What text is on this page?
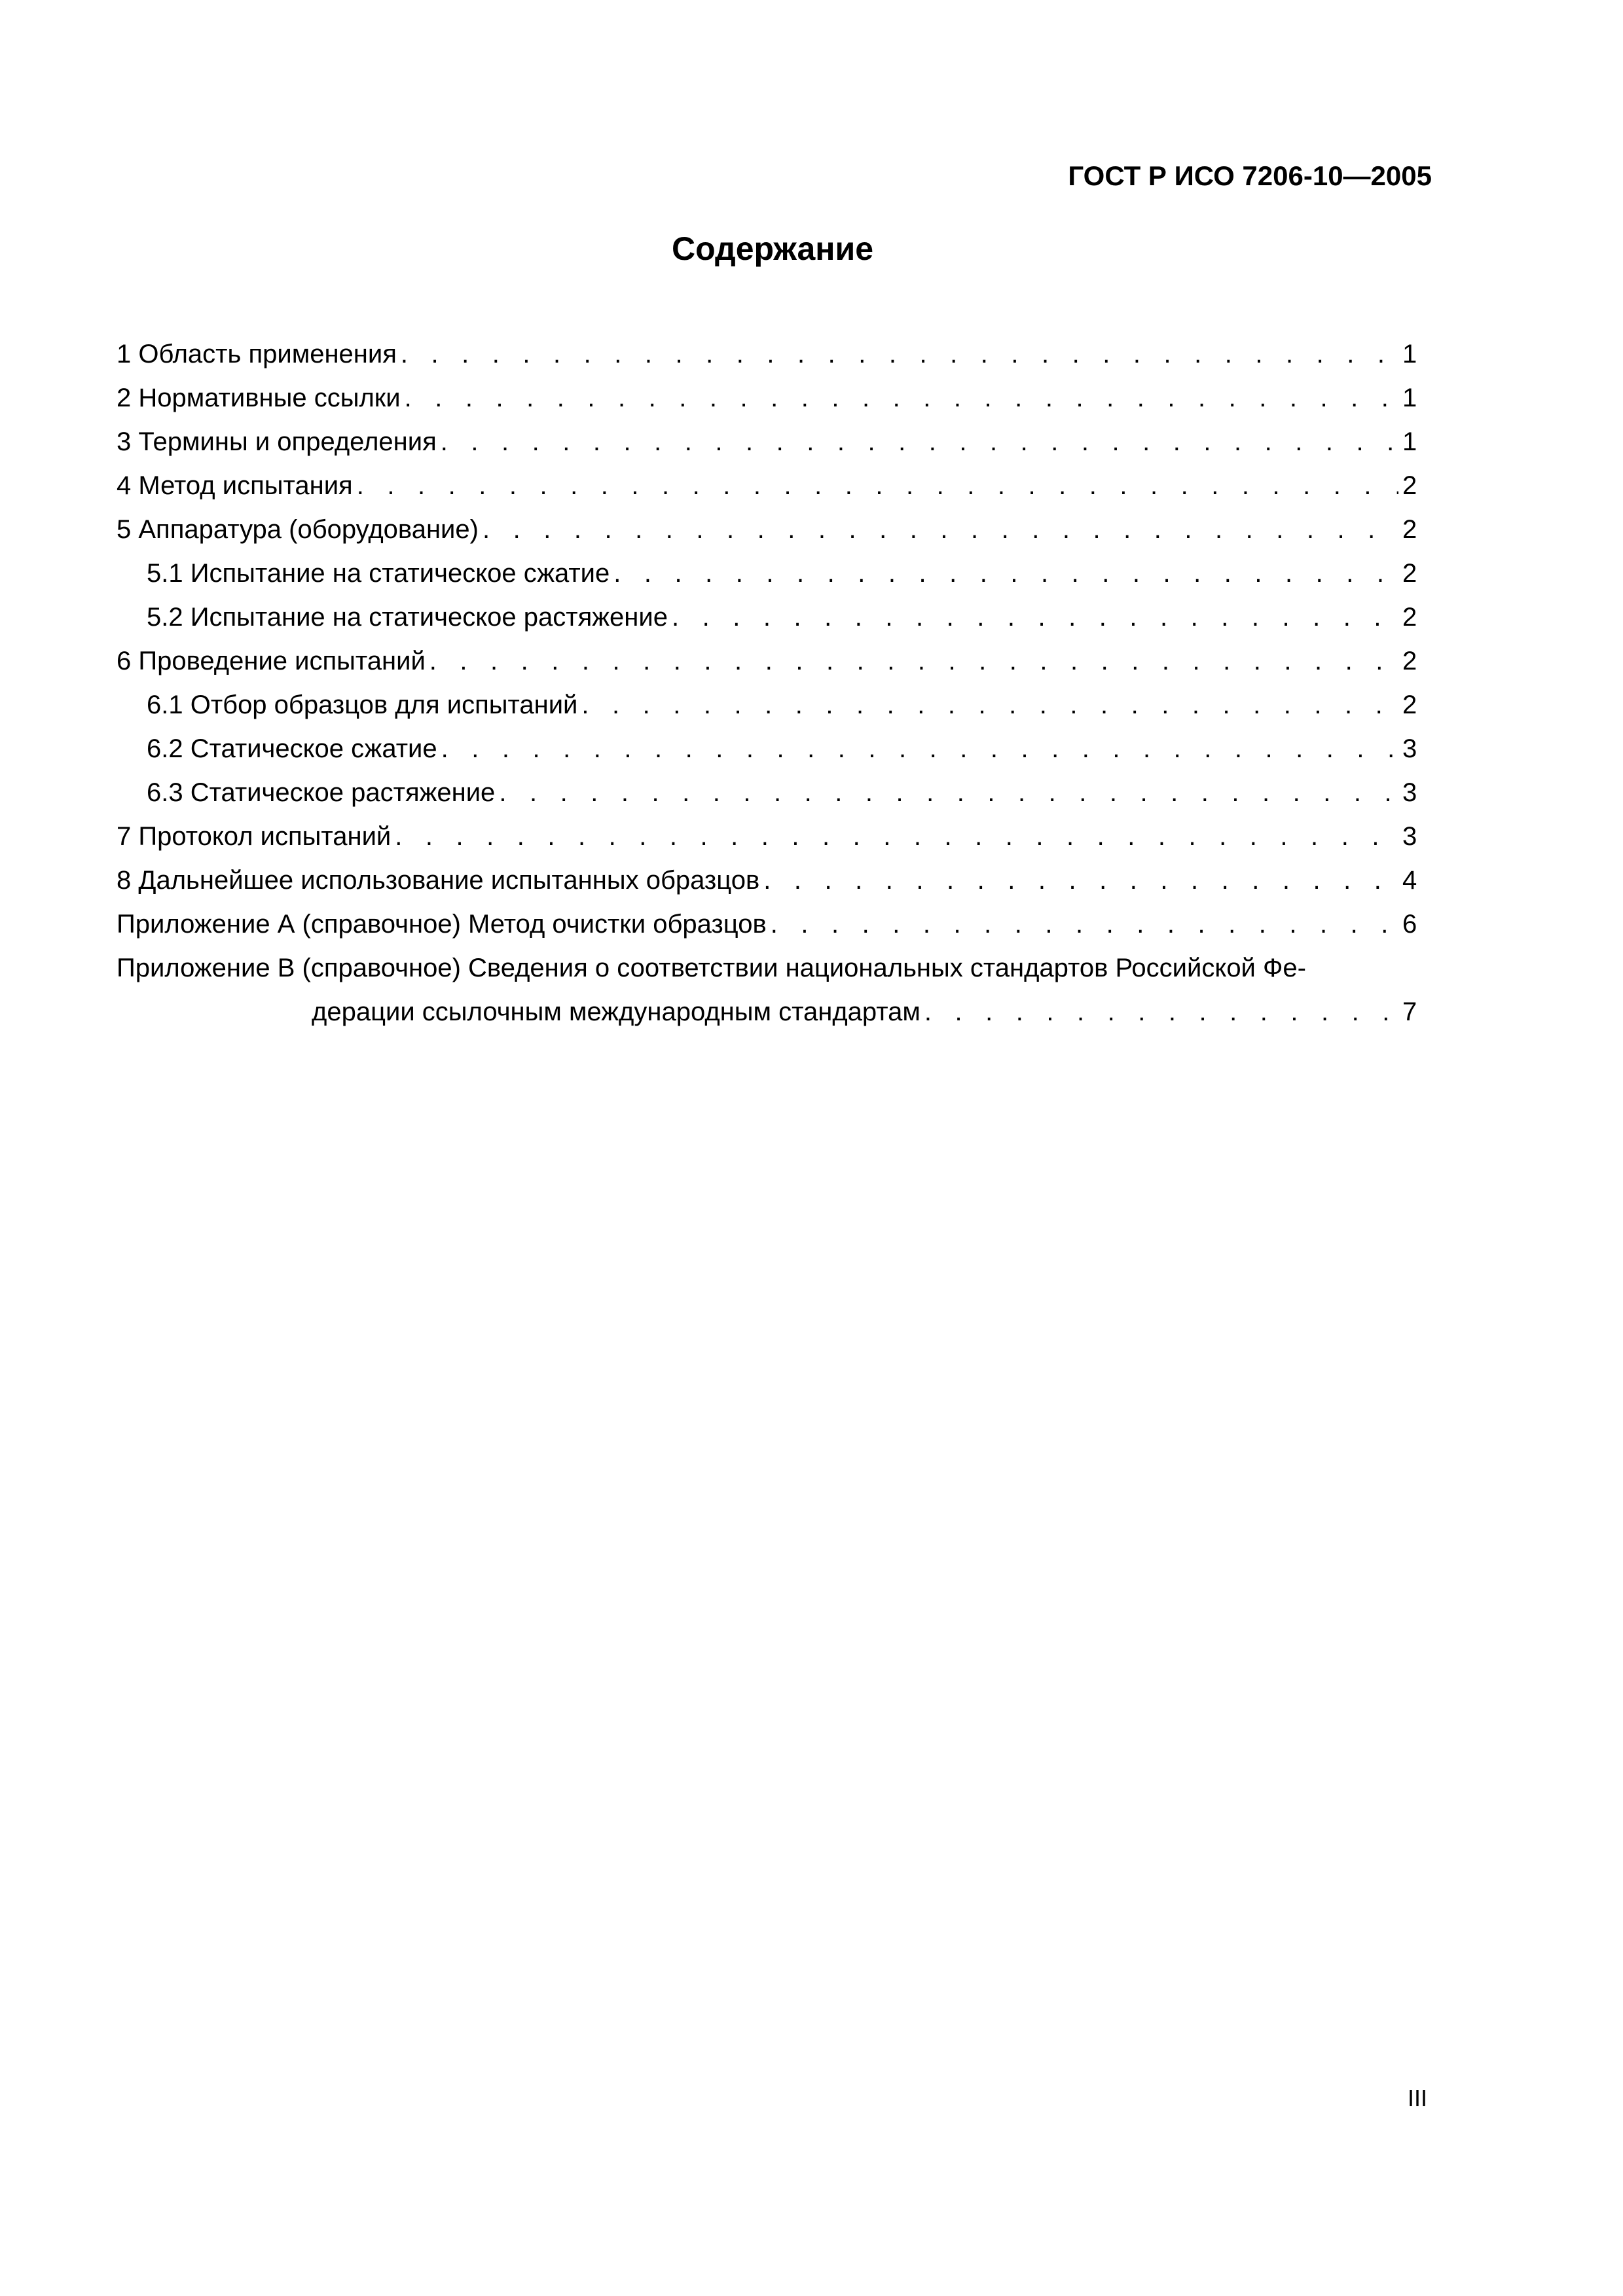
ГОСТ Р ИСО 7206-10—2005
Содержание
1 Область применения . . .	1
2 Нормативные ссылки . . .	1
3 Термины и определения . . .	1
4 Метод испытания . . .	2
5 Аппаратура (оборудование) . . .	2
5.1 Испытание на статическое сжатие . . .	2
5.2 Испытание на статическое растяжение . . .	2
6 Проведение испытаний . . .	2
6.1 Отбор образцов для испытаний . . .	2
6.2 Статическое сжатие . . .	3
6.3 Статическое растяжение . . .	3
7 Протокол испытаний . . .	3
8 Дальнейшее использование испытанных образцов . . .	4
Приложение А (справочное) Метод очистки образцов . . .	6
Приложение В (справочное) Сведения о соответствии национальных стандартов Российской Фе-
дерации ссылочным международным стандартам . . .	7
III
